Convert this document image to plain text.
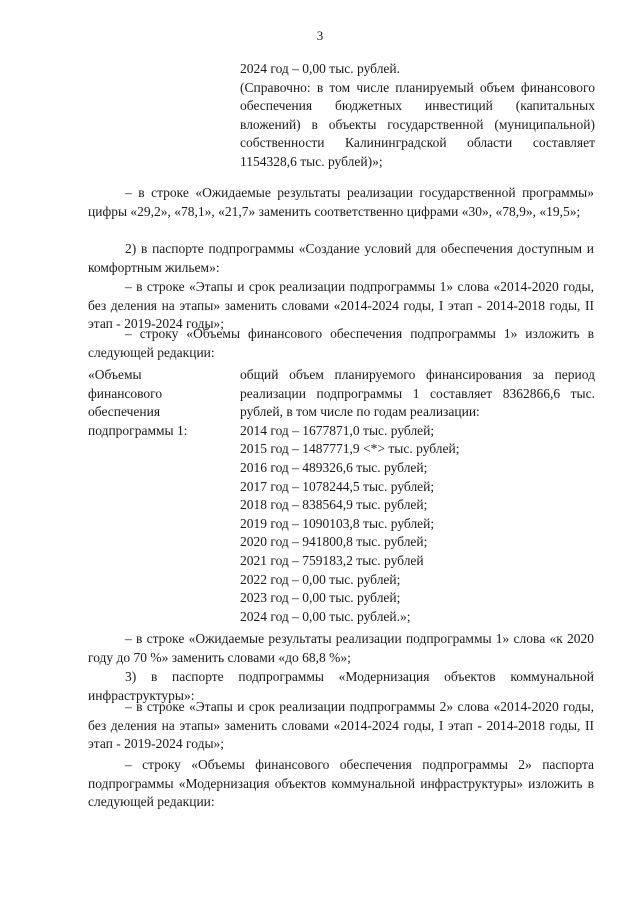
3
2024 год – 0,00 тыс. рублей.
(Справочно: в том числе планируемый объем финансового обеспечения бюджетных инвестиций (капитальных вложений) в объекты государственной (муниципальной) собственности Калининградской области составляет 1154328,6 тыс. рублей)»;
– в строке «Ожидаемые результаты реализации государственной программы» цифры «29,2», «78,1», «21,7» заменить соответственно цифрами «30», «78,9», «19,5»;
2) в паспорте подпрограммы «Создание условий для обеспечения доступным и комфортным жильем»:
– в строке «Этапы и срок реализации подпрограммы 1» слова «2014-2020 годы, без деления на этапы» заменить словами «2014-2024 годы, I этап - 2014-2018 годы, II этап - 2019-2024 годы»;
– строку «Объемы финансового обеспечения подпрограммы 1» изложить в следующей редакции:
«Объемы
финансового
обеспечения
подпрограммы 1:
общий объем планируемого финансирования за период реализации подпрограммы 1 составляет 8362866,6 тыс. рублей, в том числе по годам реализации:
2014 год – 1677871,0 тыс. рублей;
2015 год – 1487771,9 <*> тыс. рублей;
2016 год – 489326,6 тыс. рублей;
2017 год – 1078244,5 тыс. рублей;
2018 год – 838564,9 тыс. рублей;
2019 год – 1090103,8 тыс. рублей;
2020 год – 941800,8 тыс. рублей;
2021 год – 759183,2 тыс. рублей
2022 год – 0,00 тыс. рублей;
2023 год – 0,00 тыс. рублей;
2024 год – 0,00 тыс. рублей.»;
– в строке «Ожидаемые результаты реализации подпрограммы 1» слова «к 2020 году до 70 %» заменить словами «до 68,8 %»;
3) в паспорте подпрограммы «Модернизация объектов коммунальной инфраструктуры»:
– в строке «Этапы и срок реализации подпрограммы 2» слова «2014-2020 годы, без деления на этапы» заменить словами «2014-2024 годы, I этап - 2014-2018 годы, II этап - 2019-2024 годы»;
– строку «Объемы финансового обеспечения подпрограммы 2» паспорта подпрограммы «Модернизация объектов коммунальной инфраструктуры» изложить в следующей редакции:
